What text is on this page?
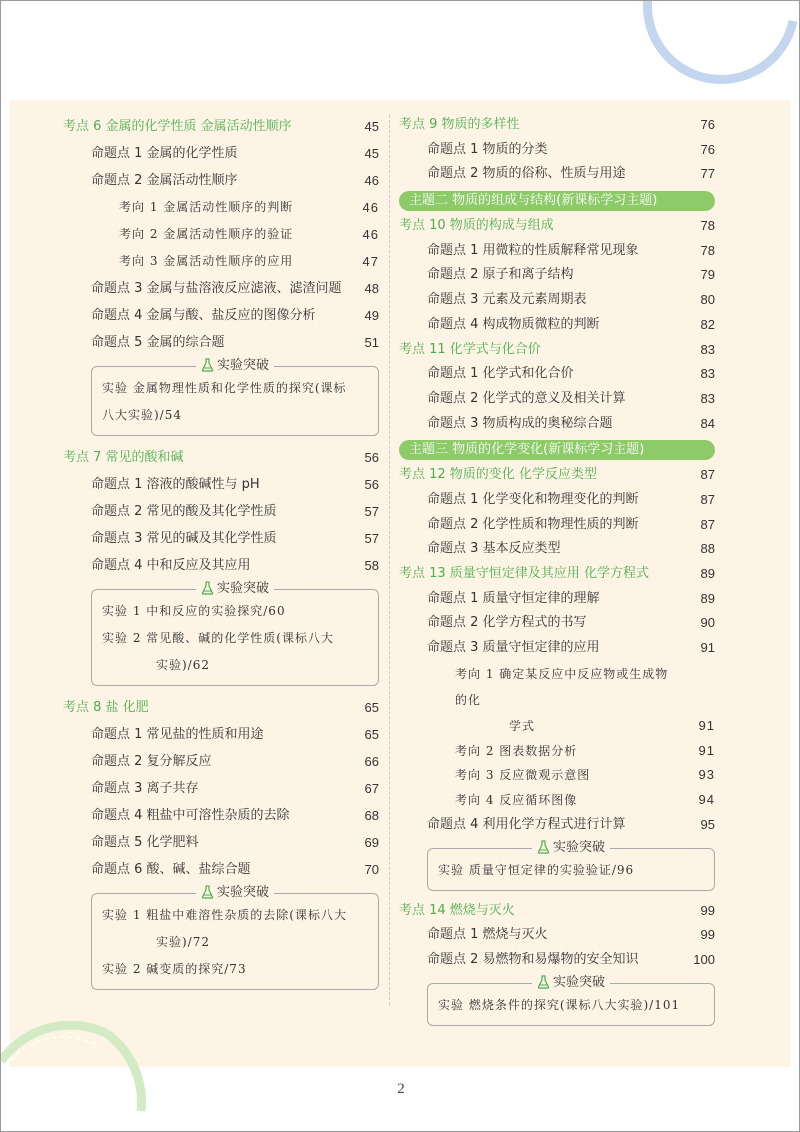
考点 6 金属的化学性质 金属活动性顺序	45
命题点 1 金属的化学性质	45
命题点 2 金属活动性顺序	46
考向 1 金属活动性顺序的判断	46
考向 2 金属活动性顺序的验证	46
考向 3 金属活动性顺序的应用	47
命题点 3 金属与盐溶液反应滤液、滤渣问题 48
命题点 4 金属与酸、盐反应的图像分析	49
命题点 5 金属的综合题	51
实验突破
实验 金属物理性质和化学性质的探究(课标
八大实验)/54
考点 7 常见的酸和碱	56
命题点 1 溶液的酸碱性与 pH	56
命题点 2 常见的酸及其化学性质	57
命题点 3 常见的碱及其化学性质	57
命题点 4 中和反应及其应用	58
实验突破
实验 1 中和反应的实验探究/60
实验 2 常见酸、碱的化学性质(课标八大
实验)/62
考点 8 盐 化肥	65
命题点 1 常见盐的性质和用途	65
命题点 2 复分解反应	66
命题点 3 离子共存	67
命题点 4 粗盐中可溶性杂质的去除	68
命题点 5 化学肥料	69
命题点 6 酸、碱、盐综合题	70
实验突破
实验 1 粗盐中难溶性杂质的去除(课标八大
实验)/72
实验 2 碱变质的探究/73
考点 9 物质的多样性	76
命题点 1 物质的分类	76
命题点 2 物质的俗称、性质与用途	77
主题二 物质的组成与结构(新课标学习主题)
考点 10 物质的构成与组成	78
命题点 1 用微粒的性质解释常见现象	78
命题点 2 原子和离子结构	79
命题点 3 元素及元素周期表	80
命题点 4 构成物质微粒的判断	82
考点 11 化学式与化合价	83
命题点 1 化学式和化合价	83
命题点 2 化学式的意义及相关计算	83
命题点 3 物质构成的奥秘综合题	84
主题三 物质的化学变化(新课标学习主题)
考点 12 物质的变化 化学反应类型	87
命题点 1 化学变化和物理变化的判断	87
命题点 2 化学性质和物理性质的判断	87
命题点 3 基本反应类型	88
考点 13 质量守恒定律及其应用 化学方程式	89
命题点 1 质量守恒定律的理解	89
命题点 2 化学方程式的书写	90
命题点 3 质量守恒定律的应用	91
考向 1 确定某反应中反应物或生成物的化
学式	91
考向 2 图表数据分析	91
考向 3 反应微观示意图	93
考向 4 反应循环图像	94
命题点 4 利用化学方程式进行计算	95
实验突破
实验 质量守恒定律的实验验证/96
考点 14 燃烧与灭火	99
命题点 1 燃烧与灭火	99
命题点 2 易燃物和易爆物的安全知识	100
实验突破
实验 燃烧条件的探究(课标八大实验)/101
2
